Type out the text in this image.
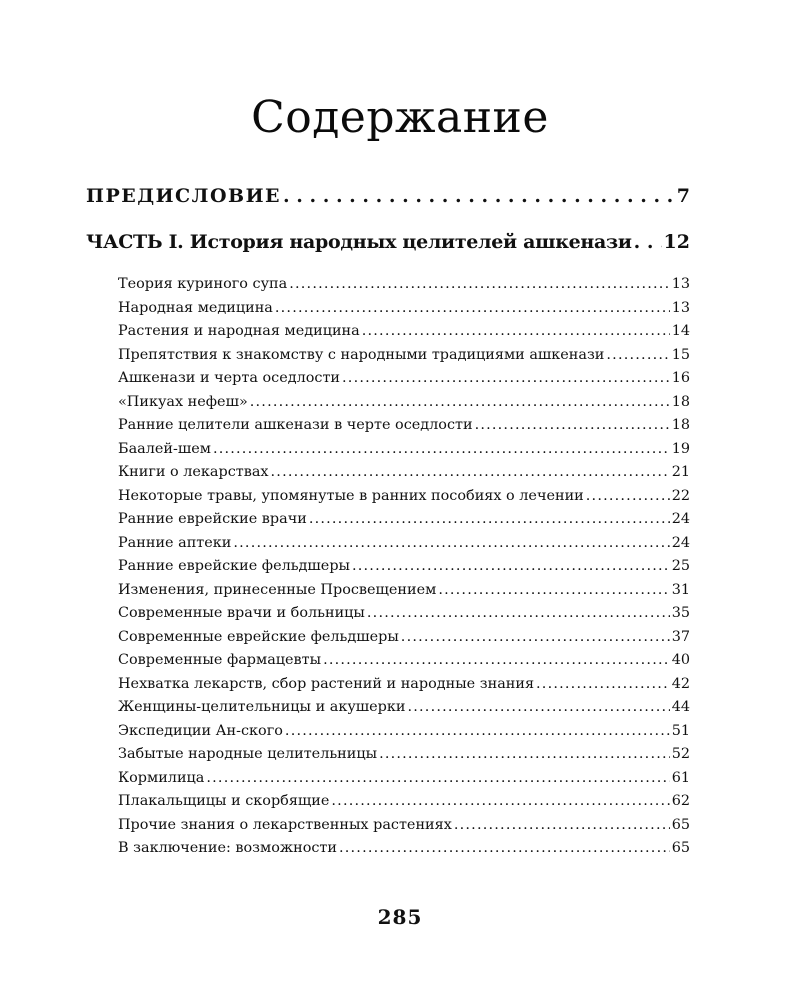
Содержание
ПРЕДИСЛОВИЕ . .	7
ЧАСТЬ I. История народных целителей ашкенази . . 12
Теория куриного супа .....	13
Народная медицина .....	13
Растения и народная медицина .....	14
Препятствия к знакомству с народными традициями ашкенази .....	15
Ашкенази и черта оседлости .....	16
«Пикуах нефеш» .....	18
Ранние целители ашкенази в черте оседлости .....	18
Баалей-шем .....	19
Книги о лекарствах .....	21
Некоторые травы, упомянутые в ранних пособиях о лечении .....	22
Ранние еврейские врачи .....	24
Ранние аптеки .....	24
Ранние еврейские фельдшеры .....	25
Изменения, принесенные Просвещением .....	31
Современные врачи и больницы .....	35
Современные еврейские фельдшеры .....	37
Современные фармацевты .....	40
Нехватка лекарств, сбор растений и народные знания .....	42
Женщины-целительницы и акушерки .....	44
Экспедиции Ан-ского .....	51
Забытые народные целительницы .....	52
Кормилица .....	61
Плакальщицы и скорбящие .....	62
Прочие знания о лекарственных растениях .....	65
В заключение: возможности .....	65
285
